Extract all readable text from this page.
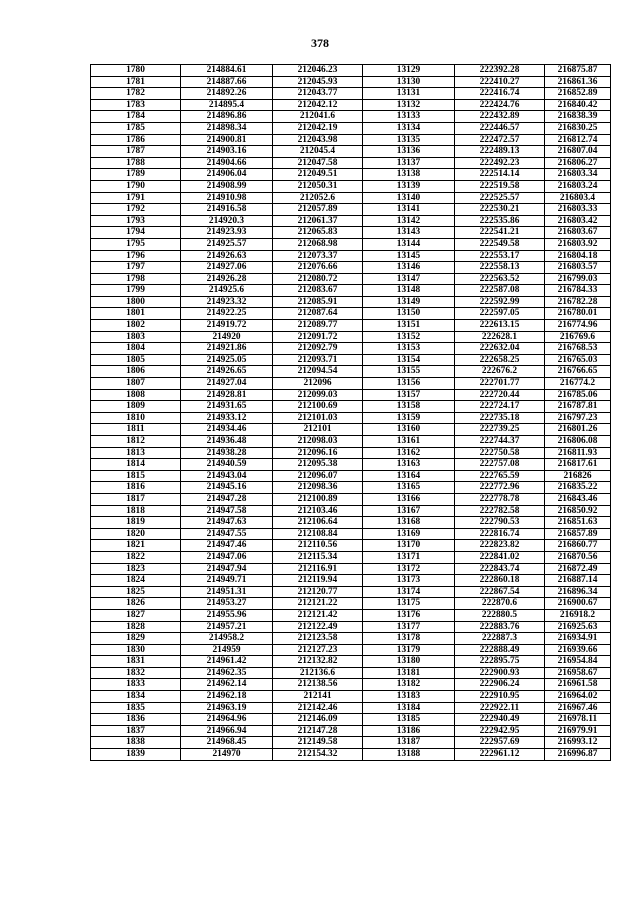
378
1780	214884.61	212046.23	13129	222392.28	216875.87
1781	214887.66	212045.93	13130	222410.27	216861.36
1782	214892.26	212043.77	13131	222416.74	216852.89
1783	214895.4	212042.12	13132	222424.76	216840.42
1784	214896.86	212041.6	13133	222432.89	216838.39
1785	214898.34	212042.19	13134	222446.57	216830.25
1786	214900.81	212043.98	13135	222472.57	216812.74
1787	214903.16	212045.4	13136	222489.13	216807.04
1788	214904.66	212047.58	13137	222492.23	216806.27
1789	214906.04	212049.51	13138	222514.14	216803.34
1790	214908.99	212050.31	13139	222519.58	216803.24
1791	214910.98	212052.6	13140	222525.57	216803.4
1792	214916.58	212057.89	13141	222530.21	216803.33
1793	214920.3	212061.37	13142	222535.86	216803.42
1794	214923.93	212065.83	13143	222541.21	216803.67
1795	214925.57	212068.98	13144	222549.58	216803.92
1796	214926.63	212073.37	13145	222553.17	216804.18
1797	214927.06	212076.66	13146	222558.13	216803.57
1798	214926.28	212080.72	13147	222563.52	216799.03
1799	214925.6	212083.67	13148	222587.08	216784.33
1800	214923.32	212085.91	13149	222592.99	216782.28
1801	214922.25	212087.64	13150	222597.05	216780.01
1802	214919.72	212089.77	13151	222613.15	216774.96
1803	214920	212091.72	13152	222628.1	216769.6
1804	214921.86	212092.79	13153	222632.04	216768.53
1805	214925.05	212093.71	13154	222658.25	216765.03
1806	214926.65	212094.54	13155	222676.2	216766.65
1807	214927.04	212096	13156	222701.77	216774.2
1808	214928.81	212099.03	13157	222720.44	216785.06
1809	214931.65	212100.69	13158	222724.17	216787.81
1810	214933.12	212101.03	13159	222735.18	216797.23
1811	214934.46	212101	13160	222739.25	216801.26
1812	214936.48	212098.03	13161	222744.37	216806.08
1813	214938.28	212096.16	13162	222750.58	216811.93
1814	214940.59	212095.38	13163	222757.08	216817.61
1815	214943.04	212096.07	13164	222765.59	216826
1816	214945.16	212098.36	13165	222772.96	216835.22
1817	214947.28	212100.89	13166	222778.78	216843.46
1818	214947.58	212103.46	13167	222782.58	216850.92
1819	214947.63	212106.64	13168	222790.53	216851.63
1820	214947.55	212108.84	13169	222816.74	216857.89
1821	214947.46	212110.56	13170	222823.82	216860.77
1822	214947.06	212115.34	13171	222841.02	216870.56
1823	214947.94	212116.91	13172	222843.74	216872.49
1824	214949.71	212119.94	13173	222860.18	216887.14
1825	214951.31	212120.77	13174	222867.54	216896.34
1826	214953.27	212121.22	13175	222870.6	216900.67
1827	214955.96	212121.42	13176	222880.5	216918.2
1828	214957.21	212122.49	13177	222883.76	216925.63
1829	214958.2	212123.58	13178	222887.3	216934.91
1830	214959	212127.23	13179	222888.49	216939.66
1831	214961.42	212132.82	13180	222895.75	216954.84
1832	214962.35	212136.6	13181	222900.93	216958.67
1833	214962.14	212138.56	13182	222906.24	216961.58
1834	214962.18	212141	13183	222910.95	216964.02
1835	214963.19	212142.46	13184	222922.11	216967.46
1836	214964.96	212146.09	13185	222940.49	216978.11
1837	214966.94	212147.28	13186	222942.95	216979.91
1838	214968.45	212149.58	13187	222957.69	216993.12
1839	214970	212154.32	13188	222961.12	216996.87
